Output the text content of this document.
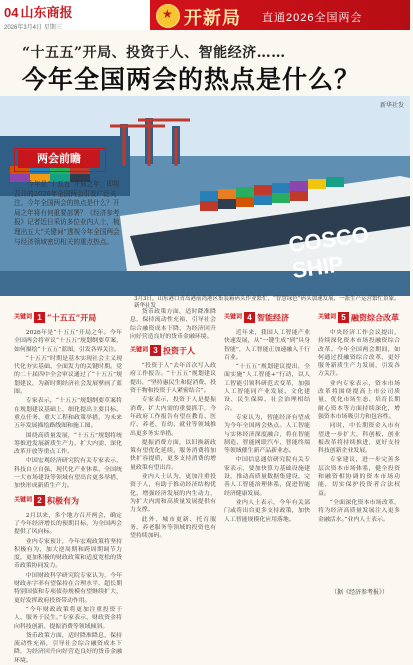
04 山东商报
2026年3月4日 星期三
★	开新局 直通2026全国两会
“十五五”开局、投资于人、智能经济……
今年全国两会的热点是什么？
COSCO SHIP
新华社发
3月3日，山东港口青岛港前湾港区集装箱码头作业繁忙，“智慧绿色”码头加速发展，一派生产运营繁忙景象。新华社发
两会前瞻
今年是“十五五”开局之年，即将召开的2026年全国两会引发广泛关注。今年全国两会的热点是什么？开局之年将有何重要部署？《经济参考报》记者近日采访多位业内人士，梳理出五大“关键词”透视今年全国两会与经济领域密切相关的重点热点。
关键词 1 “十五五”开局

2026年是“十五五”开局之年。今年全国两会将审议“十五五”规划纲要草案，如何描绘“十五五”蓝图，引发各界关注。

“十五五”时期是基本实现社会主义现代化夯实基础、全面发力的关键时期。党的二十届四中全会审议通过了“十五五”规划建议，为新时期经济社会发展擘画了蓝图。

专家表示，“十五五”规划纲要草案将在规划建议基础上，细化提出主要目标、重点任务、重大工程和政策举措，为未来五年发展描绘路线图和施工图。

围绕高质量发展，“十五五”规划将统筹推进发展新质生产力、扩大内需、深化改革开放等重点工作。

中国宏观经济研究院有关专家表示，科技自立自强、现代化产业体系、全国统一大市场建设等领域有望出台更多举措，加快形成新质生产力。

关键词 2 积极有为

2月以来，多个地方召开两会，确定了今年经济增长的预期目标，为全国两会提供了风向标。

业内专家预计，今年宏观政策将坚持积极有为，加大逆周期和跨周期调节力度，更加积极的财政政策和适度宽松的货币政策协同发力。

中国财政科学研究院专家认为，今年财政赤字率有望保持在合理水平，超长期特别国债和专项债券规模有望继续扩大，更好发挥政府投资带动作用。

“今年财政政策将更加注重投资于人、服务于民生。”专家表示，财政资金将向科技创新、提振消费等领域倾斜。

货币政策方面，适时降准降息，保持流动性充裕，引导社会综合融资成本下降，为经济回升向好营造良好的货币金融环境。

货币政策方面，适时降准降息，保持流动性充裕，引导社会综合融资成本下降，为经济回升向好营造良好的货币金融环境。

关键词 3 投资于人

“投资于人”去年首次写入政府工作报告。“十五五”规划建议提出，“坚持惠民生和促消费、投资于物和投资于人紧密结合”。

专家表示，投资于人是提振消费、扩大内需的重要抓手，今年政府工作报告有望在教育、医疗、养老、育幼、就业等领域推出更多务实举措。

提振消费方面，以旧换新政策有望优化延续，服务消费将加快扩容提质，更多支持消费的增量政策有望出台。

业内人士认为，更加注重投资于人，有助于推动经济结构优化，增强经济发展的内生动力，为扩大内需和高质量发展提供有力支撑。

此外，城市更新、托育服务、养老服务等领域的投资也有望持续加码。

关键词 4 智能经济

近年来，我国人工智能产业快速发展，从“一键生成”到“具身智能”，人工智能正加速融入千行百业。

“十五五”规划建议提出，全面实施“人工智能+”行动，以人工智能引领科研范式变革，加强人工智能同产业发展、文化建设、民生保障、社会治理相结合。

专家认为，智能经济有望成为今年全国两会热点。人工智能与实体经济深度融合，将在智能制造、智能网联汽车、智能终端等领域催生新产品新业态。

中国信息通信研究院有关专家表示，要加快算力基础设施建设，推动高质量数据集建设，完善人工智能治理体系，促进智能经济健康发展。

业内人士表示，今年有关部门或将出台更多支持政策，加快人工智能规模化应用落地。

关键词 5 融资综合改革

中央经济工作会议提出，持续深化资本市场投融资综合改革。今年全国两会期间，如何通过投融资综合改革，更好服务新质生产力发展，引发各方关注。

业内专家表示，资本市场改革将围绕提高上市公司质量、优化市场生态、培育长期耐心资本等方面持续深化，增强资本市场吸引力和包容性。

同时，中长期资金入市有望进一步扩大，科创板、创业板改革将持续推进，更好支持科技创新企业发展。

专家建议，进一步完善多层次资本市场体系，健全投资和融资相协调的资本市场功能，切实保护投资者合法权益。

“全面深化资本市场改革，将为经济高质量发展注入更多金融活水。”业内人士表示。

（据《经济参考报》）
